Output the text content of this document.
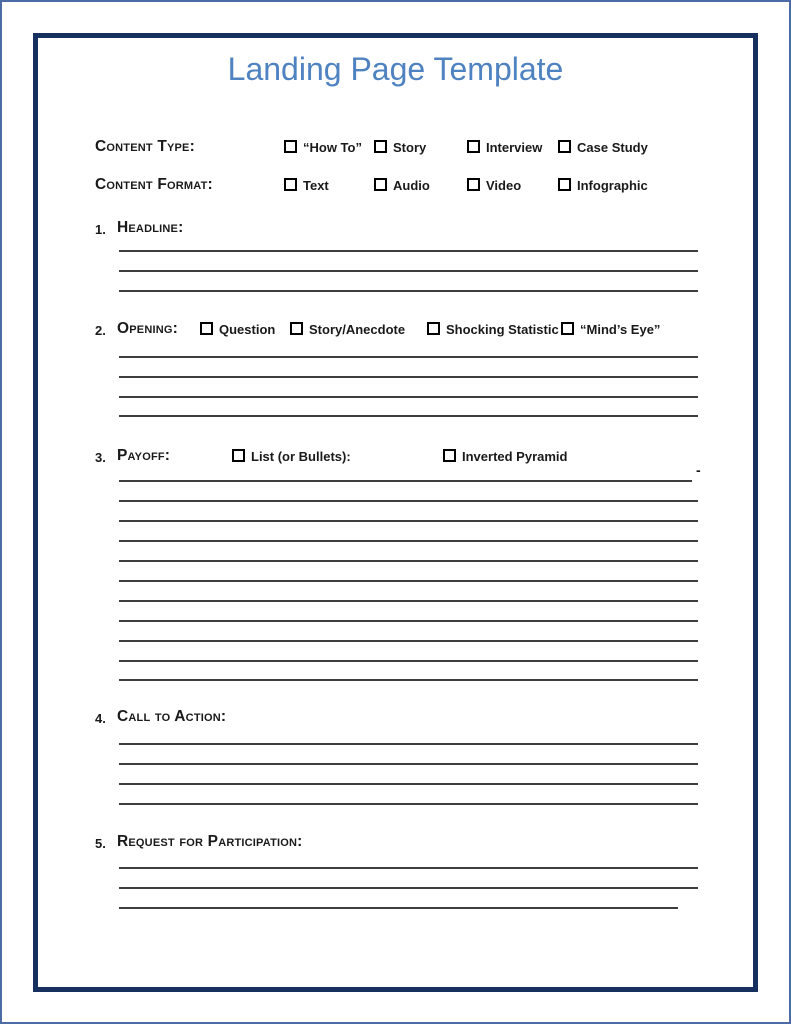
Landing Page Template
Content Type:	“How To”	Story	Interview	Case Study
Content Format:	Text	Audio	Video	Infographic
1. Headline:
2. Opening:	Question	Story/Anecdote	Shocking Statistic	“Mind’s Eye”
3. Payoff:	List (or Bullets):	Inverted Pyramid
-
4. Call to Action:
5. Request for Participation:
